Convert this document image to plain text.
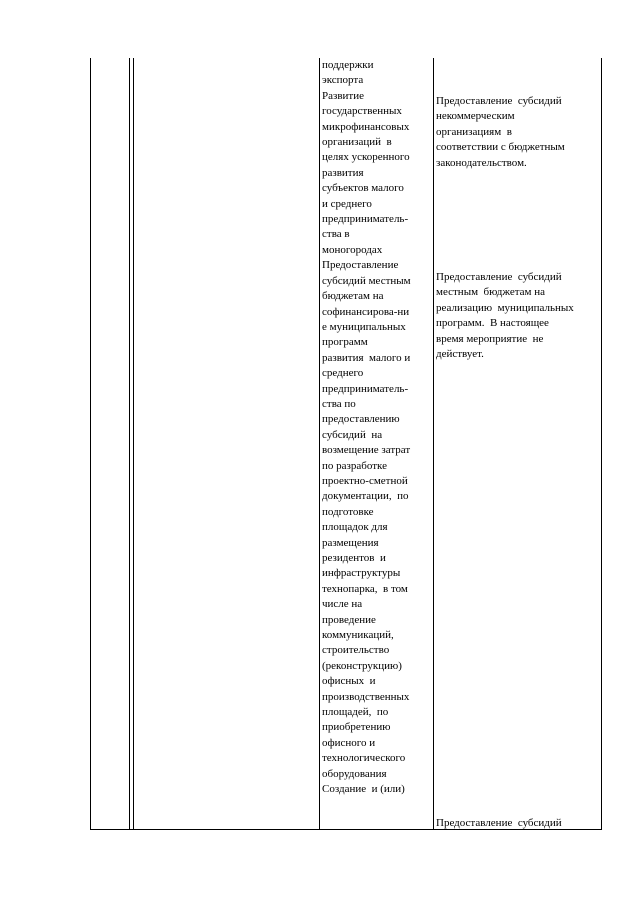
поддержки
экспорта
Развитие
государственных
микрофинансовых
организаций  в
целях ускоренного
развития
субъектов малого
и среднего
предприниматель-
ства в
моногородах
Предоставление
субсидий местным
бюджетам на
софинансирова-ни
е муниципальных
программ
развития  малого и
среднего
предприниматель-
ства по
предоставлению
субсидий  на
возмещение затрат
по разработке
проектно-сметной
документации,  по
подготовке
площадок для
размещения
резидентов  и
инфраструктуры
технопарка,  в том
числе на
проведение
коммуникаций,
строительство
(реконструкцию)
офисных  и
производственных
площадей,  по
приобретению
офисного и
технологического
оборудования
Создание  и (или)
Предоставление  субсидий
некоммерческим
организациям  в
соответствии с бюджетным
законодательством.
Предоставление  субсидий
местным  бюджетам на
реализацию  муниципальных
программ.  В настоящее
время мероприятие  не
действует.
Предоставление  субсидий
